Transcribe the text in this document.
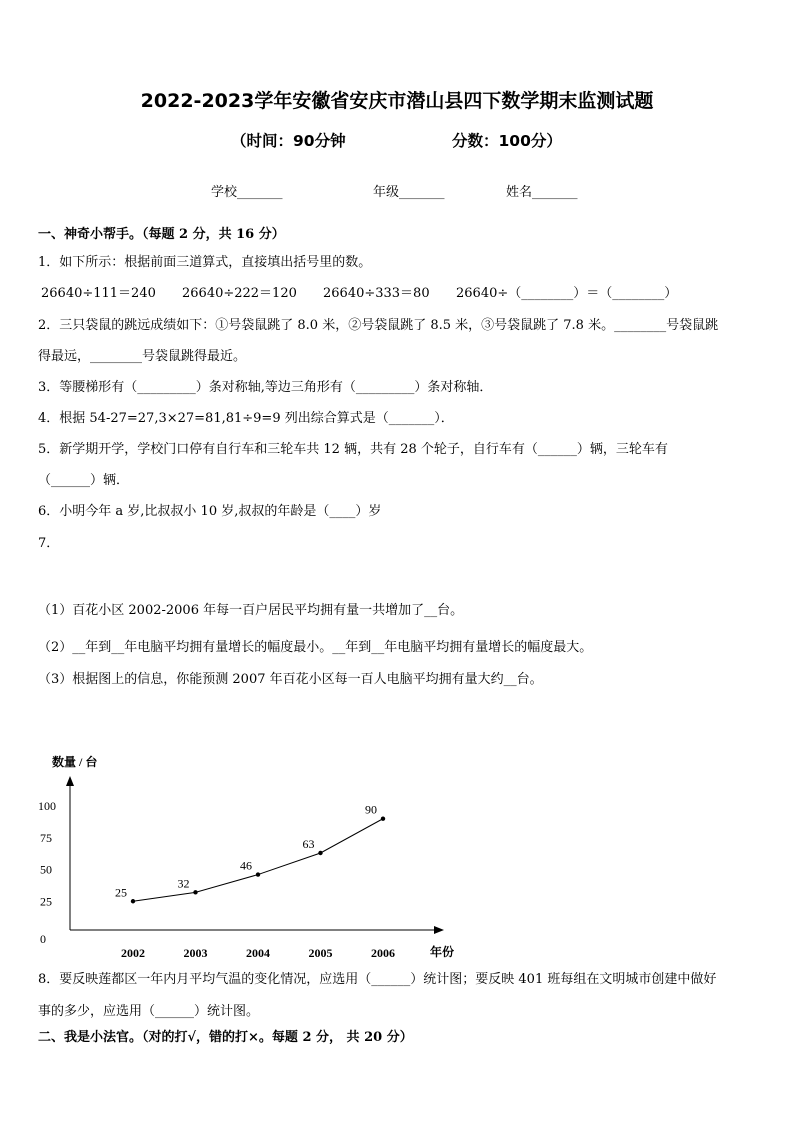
2022-2023学年安徽省安庆市潜山县四下数学期末监测试题
（时间：90分钟	分数：100分）
学校_______	年级_______	姓名_______
一、神奇小帮手。（每题 2 分，共 16 分）
1．如下所示：根据前面三道算式，直接填出括号里的数。
26640÷111＝240 26640÷222＝120 26640÷333＝80 26640÷（________）＝（________）
2．三只袋鼠的跳远成绩如下：①号袋鼠跳了 8.0 米，②号袋鼠跳了 8.5 米，③号袋鼠跳了 7.8 米。________号袋鼠跳
得最远，________号袋鼠跳得最近。
3．等腰梯形有（_________）条对称轴,等边三角形有（_________）条对称轴．
4．根据 54-27=27,3×27=81,81÷9=9 列出综合算式是（_______）．
5．新学期开学，学校门口停有自行车和三轮车共 12 辆，共有 28 个轮子，自行车有（______）辆，三轮车有
（______）辆．
6．小明今年 a 岁,比叔叔小 10 岁,叔叔的年龄是（____）岁
7．
（1）百花小区 2002-2006 年每一百户居民平均拥有量一共增加了__台。
（2）__年到__年电脑平均拥有量增长的幅度最小。__年到__年电脑平均拥有量增长的幅度最大。
（3）根据图上的信息，你能预测 2007 年百花小区每一百人电脑平均拥有量大约__台。
数量 / 台
年份
0
25
50
75
100
2002	2003	2004	2005	2006
25
32
46
63
90
8．要反映莲都区一年内月平均气温的变化情况，应选用（______）统计图；要反映 401 班每组在文明城市创建中做好
事的多少，应选用（______）统计图。
二、我是小法官。（对的打√，错的打×。每题 2 分， 共 20 分）
